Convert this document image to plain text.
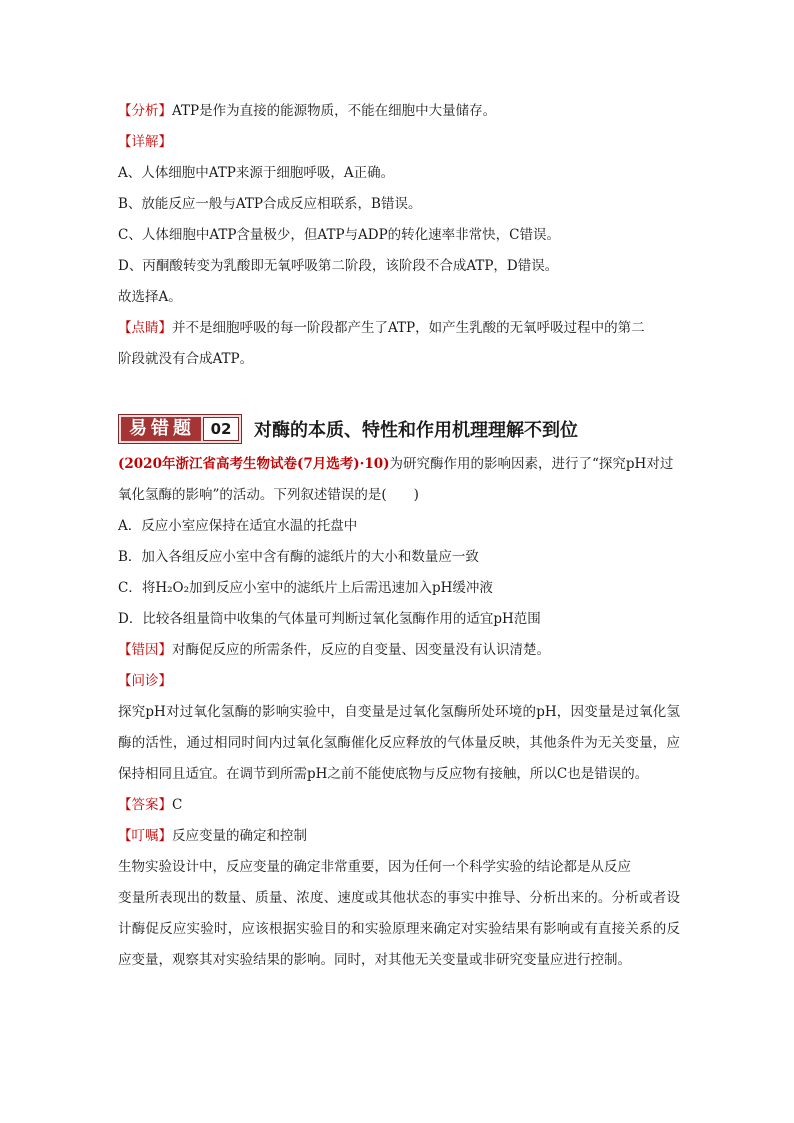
【分析】ATP是作为直接的能源物质，不能在细胞中大量储存。
【详解】
A、人体细胞中ATP来源于细胞呼吸，A正确。
B、放能反应一般与ATP合成反应相联系，B错误。
C、人体细胞中ATP含量极少，但ATP与ADP的转化速率非常快，C错误。
D、丙酮酸转变为乳酸即无氧呼吸第二阶段，该阶段不合成ATP，D错误。
故选择A。
【点睛】并不是细胞呼吸的每一阶段都产生了ATP，如产生乳酸的无氧呼吸过程中的第二
阶段就没有合成ATP。
易错题	02	对酶的本质、特性和作用机理理解不到位
(2020年浙江省高考生物试卷(7月选考)·10)为研究酶作用的影响因素，进行了“探究pH对过
氧化氢酶的影响”的活动。下列叙述错误的是(　　)
A．反应小室应保持在适宜水温的托盘中
B．加入各组反应小室中含有酶的滤纸片的大小和数量应一致
C．将H₂O₂加到反应小室中的滤纸片上后需迅速加入pH缓冲液
D．比较各组量筒中收集的气体量可判断过氧化氢酶作用的适宜pH范围
【错因】对酶促反应的所需条件，反应的自变量、因变量没有认识清楚。
【问诊】
探究pH对过氧化氢酶的影响实验中，自变量是过氧化氢酶所处环境的pH，因变量是过氧化氢酶的活性，通过相同时间内过氧化氢酶催化反应释放的气体量反映，其他条件为无关变量，应保持相同且适宜。在调节到所需pH之前不能使底物与反应物有接触，所以C也是错误的。
【答案】C
【叮嘱】反应变量的确定和控制
生物实验设计中，反应变量的确定非常重要，因为任何一个科学实验的结论都是从反应
变量所表现出的数量、质量、浓度、速度或其他状态的事实中推导、分析出来的。分析或者设计酶促反应实验时，应该根据实验目的和实验原理来确定对实验结果有影响或有直接关系的反应变量，观察其对实验结果的影响。同时，对其他无关变量或非研究变量应进行控制。
